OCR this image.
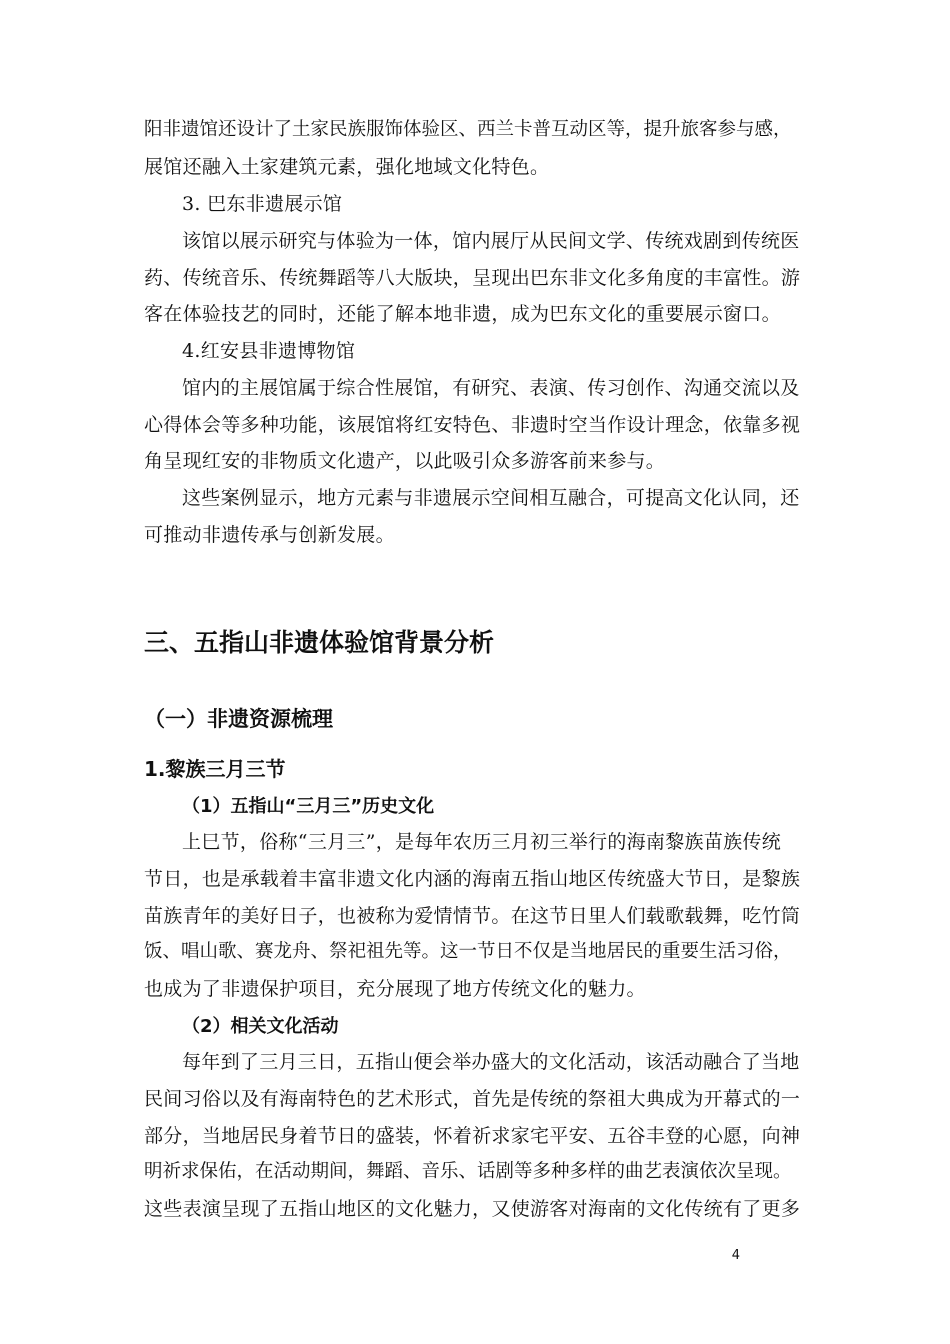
阳非遗馆还设计了土家民族服饰体验区、西兰卡普互动区等，提升旅客参与感，
展馆还融入土家建筑元素，强化地域文化特色。
3. 巴东非遗展示馆
该馆以展示研究与体验为一体，馆内展厅从民间文学、传统戏剧到传统医
药、传统音乐、传统舞蹈等八大版块，呈现出巴东非文化多角度的丰富性。游
客在体验技艺的同时，还能了解本地非遗，成为巴东文化的重要展示窗口。
4.红安县非遗博物馆
馆内的主展馆属于综合性展馆，有研究、表演、传习创作、沟通交流以及
心得体会等多种功能，该展馆将红安特色、非遗时空当作设计理念，依靠多视
角呈现红安的非物质文化遗产，以此吸引众多游客前来参与。
这些案例显示，地方元素与非遗展示空间相互融合，可提高文化认同，还
可推动非遗传承与创新发展。
三、五指山非遗体验馆背景分析
（一）非遗资源梳理
1.黎族三月三节
（1）五指山“三月三”历史文化
上巳节，俗称“三月三”，是每年农历三月初三举行的海南黎族苗族传统
节日，也是承载着丰富非遗文化内涵的海南五指山地区传统盛大节日，是黎族
苗族青年的美好日子，也被称为爱情情节。在这节日里人们载歌载舞，吃竹筒
饭、唱山歌、赛龙舟、祭祀祖先等。这一节日不仅是当地居民的重要生活习俗，
也成为了非遗保护项目，充分展现了地方传统文化的魅力。
（2）相关文化活动
每年到了三月三日，五指山便会举办盛大的文化活动，该活动融合了当地
民间习俗以及有海南特色的艺术形式，首先是传统的祭祖大典成为开幕式的一
部分，当地居民身着节日的盛装，怀着祈求家宅平安、五谷丰登的心愿，向神
明祈求保佑，在活动期间，舞蹈、音乐、话剧等多种多样的曲艺表演依次呈现。
这些表演呈现了五指山地区的文化魅力，又使游客对海南的文化传统有了更多
4
